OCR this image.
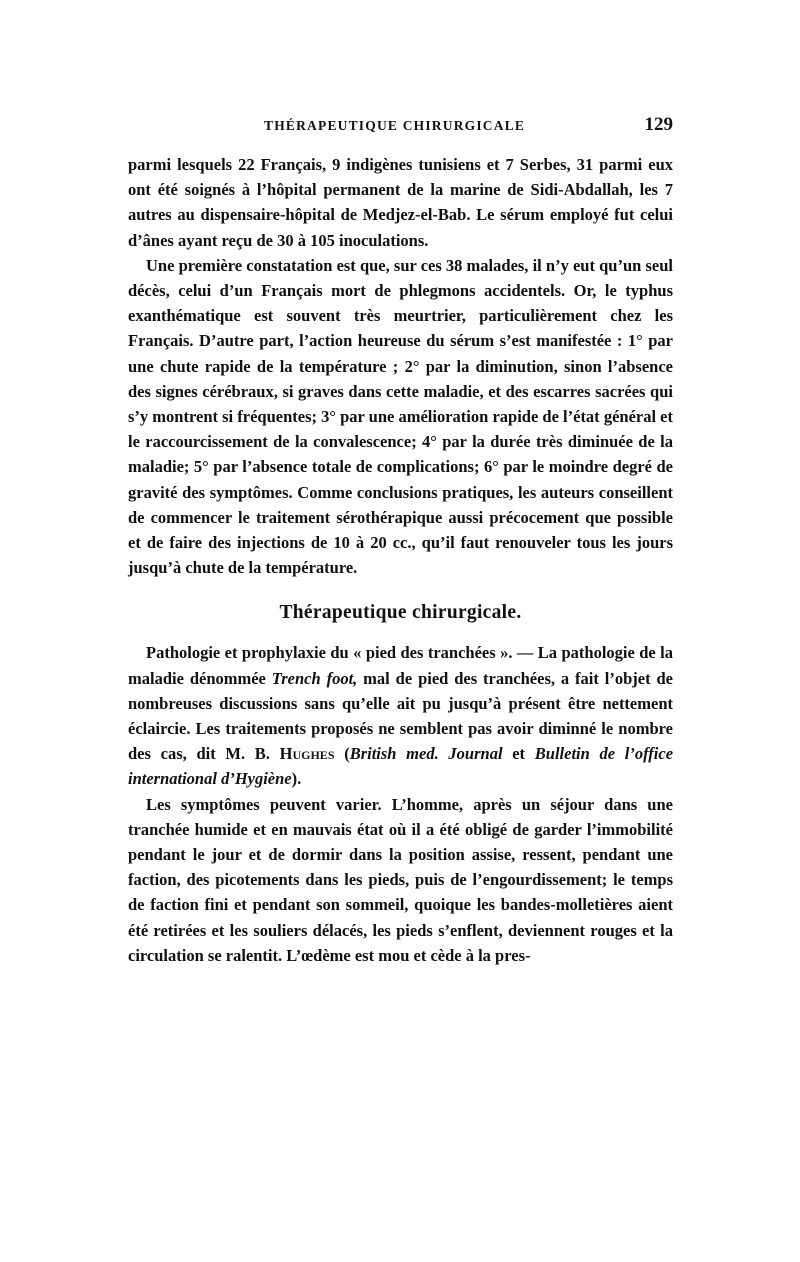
THÉRAPEUTIQUE CHIRURGICALE	129

parmi lesquels 22 Français, 9 indigènes tunisiens et 7 Serbes, 31 parmi eux ont été soignés à l’hôpital permanent de la marine de Sidi-Abdallah, les 7 autres au dispensaire-hôpital de Medjez-el-Bab. Le sérum employé fut celui d’ânes ayant reçu de 30 à 105 inoculations.

Une première constatation est que, sur ces 38 malades, il n’y eut qu’un seul décès, celui d’un Français mort de phlegmons accidentels. Or, le typhus exanthématique est souvent très meurtrier, particulièrement chez les Français. D’autre part, l’action heureuse du sérum s’est manifestée : 1° par une chute rapide de la température ; 2° par la diminution, sinon l’absence des signes cérébraux, si graves dans cette maladie, et des escarres sacrées qui s’y montrent si fréquentes; 3° par une amélioration rapide de l’état général et le raccourcissement de la convalescence; 4° par la durée très diminuée de la maladie; 5° par l’absence totale de complications; 6° par le moindre degré de gravité des symptômes. Comme conclusions pratiques, les auteurs conseillent de commencer le traitement sérothérapique aussi précocement que possible et de faire des injections de 10 à 20 cc., qu’il faut renouveler tous les jours jusqu’à chute de la température.

Thérapeutique chirurgicale.

Pathologie et prophylaxie du « pied des tranchées ». — La pathologie de la maladie dénommée Trench foot, mal de pied des tranchées, a fait l’objet de nombreuses discussions sans qu’elle ait pu jusqu’à présent être nettement éclaircie. Les traitements proposés ne semblent pas avoir diminné le nombre des cas, dit M. B. Hughes (British med. Journal et Bulletin de l’office international d’Hygiène).

Les symptômes peuvent varier. L’homme, après un séjour dans une tranchée humide et en mauvais état où il a été obligé de garder l’immobilité pendant le jour et de dormir dans la position assise, ressent, pendant une faction, des picotements dans les pieds, puis de l’engourdissement; le temps de faction fini et pendant son sommeil, quoique les bandes-molletières aient été retirées et les souliers délacés, les pieds s’enflent, deviennent rouges et la circulation se ralentit. L’œdème est mou et cède à la pres-
